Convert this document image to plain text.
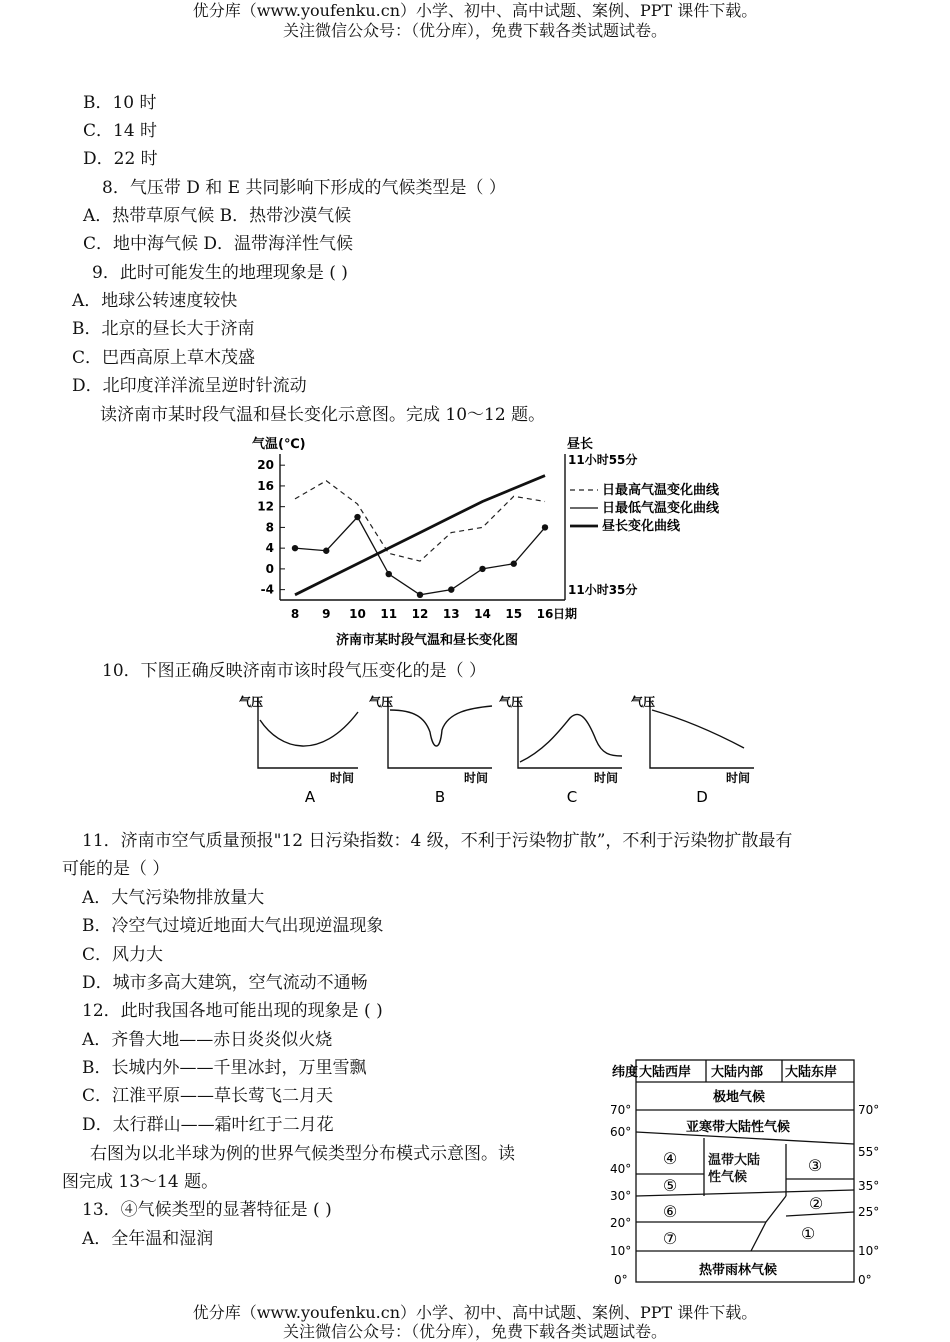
优分库（www.youfenku.cn）小学、初中、高中试题、案例、PPT 课件下载。
关注微信公众号：（优分库），免费下载各类试题试卷。
B．10 时
C．14 时
D．22 时
8．气压带 D 和 E 共同影响下形成的气候类型是（ ）
A．热带草原气候 B．热带沙漠气候
C．地中海气候 D．温带海洋性气候
9．此时可能发生的地理现象是 ( )
A．地球公转速度较快
B．北京的昼长大于济南
C．巴西高原上草木茂盛
D．北印度洋洋流呈逆时针流动
读济南市某时段气温和昼长变化示意图。完成 10～12 题。
气温(℃)	昼长
20
16
12
8
4
0
-4
8 9 10 11 12 13 14 15 16 日期
11小时55分
11小时35分
日最高气温变化曲线
日最低气温变化曲线
昼长变化曲线
济南市某时段气温和昼长变化图
10．下图正确反映济南市该时段气压变化的是（ ）
气压
时间
气压
时间
气压
时间
气压
时间
A	B	C	D
11．济南市空气质量预报"12 日污染指数：4 级，不利于污染物扩散”，不利于污染物扩散最有
可能的是（ ）
A．大气污染物排放量大
B．冷空气过境近地面大气出现逆温现象
C．风力大
D．城市多高大建筑，空气流动不通畅
12．此时我国各地可能出现的现象是 ( )
A．齐鲁大地——赤日炎炎似火烧
B．长城内外——千里冰封，万里雪飘
C．江淮平原——草长莺飞二月天
D．太行群山——霜叶红于二月花
右图为以北半球为例的世界气候类型分布模式示意图。读
图完成 13～14 题。
13．④气候类型的显著特征是 ( )
A．全年温和湿润
纬度 大陆西岸 大陆内部 大陆东岸
极地气候
亚寒带大陆性气候
热带雨林气候
温带大陆性气候
①
②
③
④
⑤
⑥
⑦
70°
60°
40°
30°
20°
10°
0°
70°
55°
35°
25°
10°
0°
优分库（www.youfenku.cn）小学、初中、高中试题、案例、PPT 课件下载。
关注微信公众号：（优分库），免费下载各类试题试卷。
